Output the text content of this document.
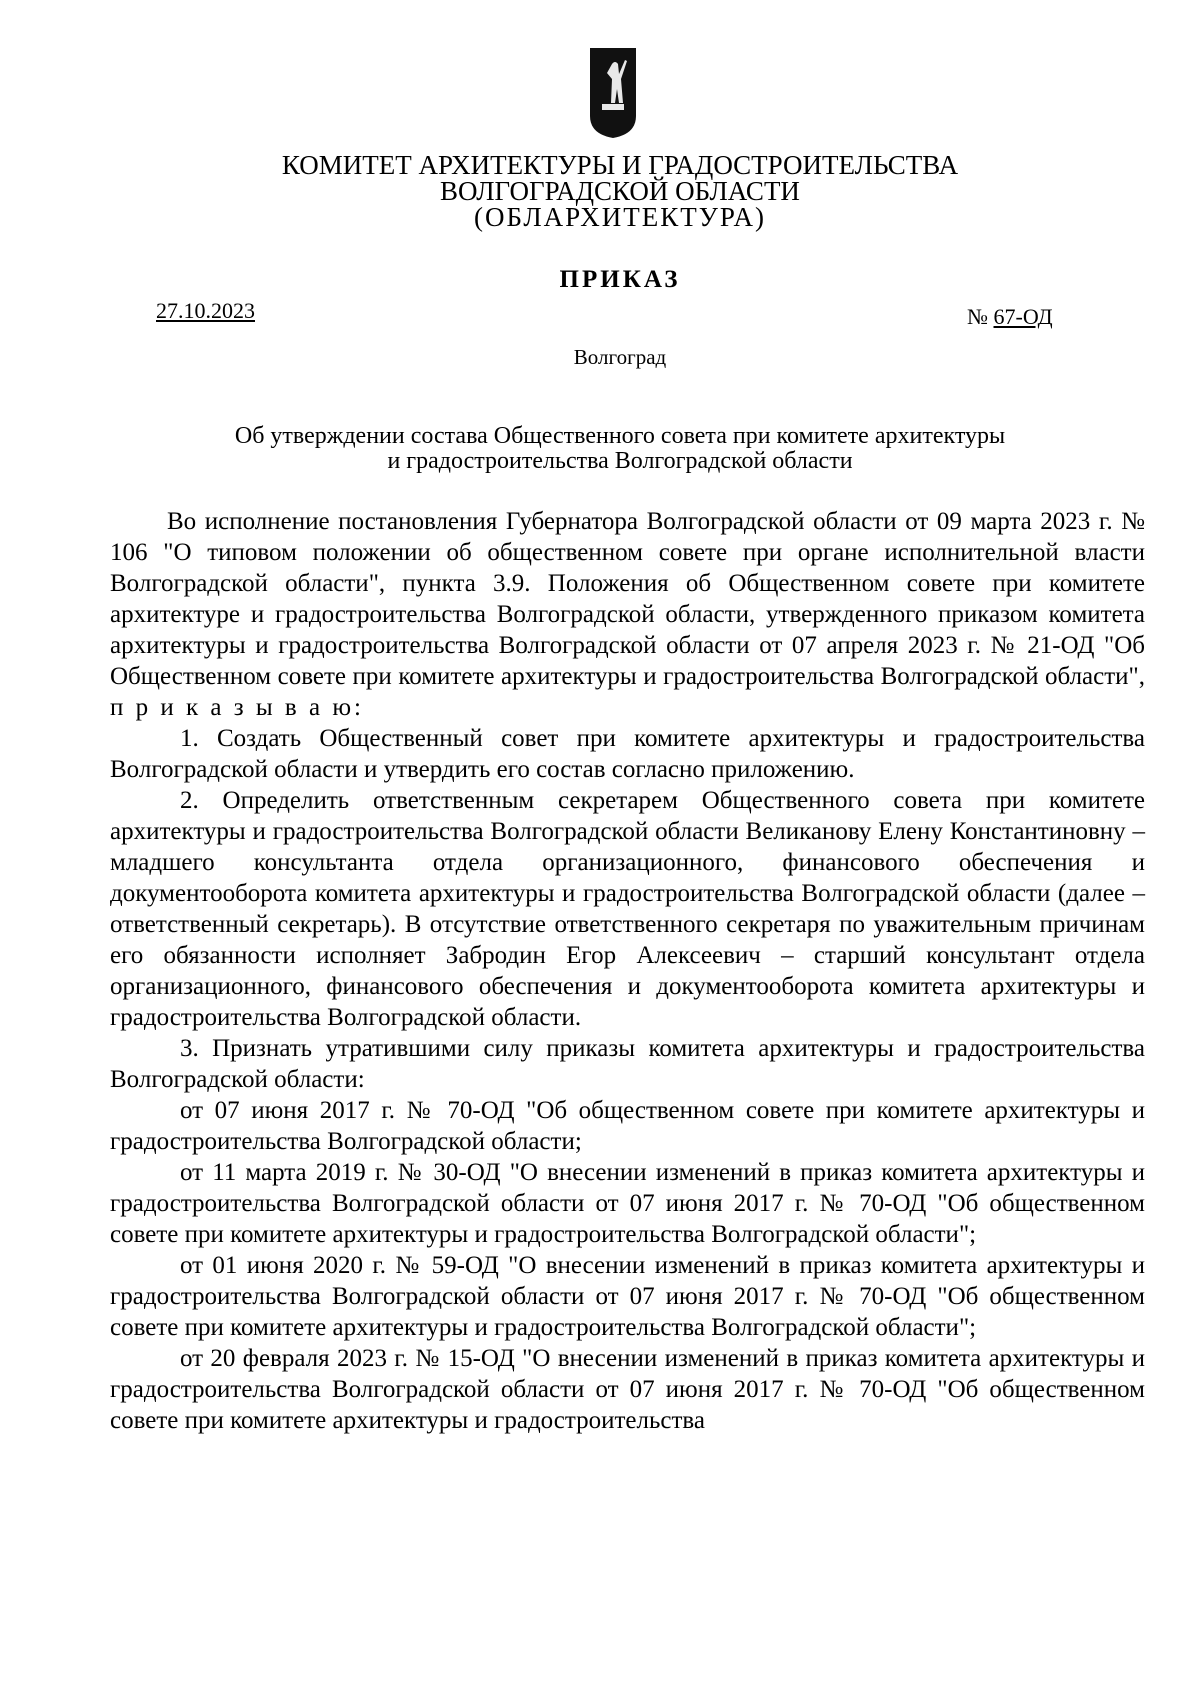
КОМИТЕТ АРХИТЕКТУРЫ И ГРАДОСТРОИТЕЛЬСТВА
ВОЛГОГРАДСКОЙ ОБЛАСТИ
(ОБЛАРХИТЕКТУРА)
ПРИКАЗ
27.10.2023	№ 67-ОД
Волгоград
Об утверждении состава Общественного совета при комитете архитектуры
и градостроительства Волгоградской области

Во исполнение постановления Губернатора Волгоградской области от 09 марта 2023 г. № 106 "О типовом положении об общественном совете при органе исполнительной власти Волгоградской области", пункта 3.9. Положения об Общественном совете при комитете архитектуре и градостроительства Волгоградской области, утвержденного приказом комитета архитектуры и градостроительства Волгоградской области от 07 апреля 2023 г. № 21-ОД "Об Общественном совете при комитете архитектуры и градостроительства Волгоградской области", п р и к а з ы в а ю:

1. Создать Общественный совет при комитете архитектуры и градостроительства Волгоградской области и утвердить его состав согласно приложению.

2. Определить ответственным секретарем Общественного совета при комитете архитектуры и градостроительства Волгоградской области Великанову Елену Константиновну – младшего консультанта отдела организационного, финансового обеспечения и документооборота комитета архитектуры и градостроительства Волгоградской области (далее – ответственный секретарь). В отсутствие ответственного секретаря по уважительным причинам его обязанности исполняет Забродин Егор Алексеевич – старший консультант отдела организационного, финансового обеспечения и документооборота комитета архитектуры и градостроительства Волгоградской области.

3. Признать утратившими силу приказы комитета архитектуры и градостроительства Волгоградской области:

от 07 июня 2017 г. № 70-ОД "Об общественном совете при комитете архитектуры и градостроительства Волгоградской области;

от 11 марта 2019 г. № 30-ОД "О внесении изменений в приказ комитета архитектуры и градостроительства Волгоградской области от 07 июня 2017 г. № 70-ОД "Об общественном совете при комитете архитектуры и градостроительства Волгоградской области";

от 01 июня 2020 г. № 59-ОД "О внесении изменений в приказ комитета архитектуры и градостроительства Волгоградской области от 07 июня 2017 г. № 70-ОД "Об общественном совете при комитете архитектуры и градостроительства Волгоградской области";

от 20 февраля 2023 г. № 15-ОД "О внесении изменений в приказ комитета архитектуры и градостроительства Волгоградской области от 07 июня 2017 г. № 70-ОД "Об общественном совете при комитете архитектуры и градостроительства
